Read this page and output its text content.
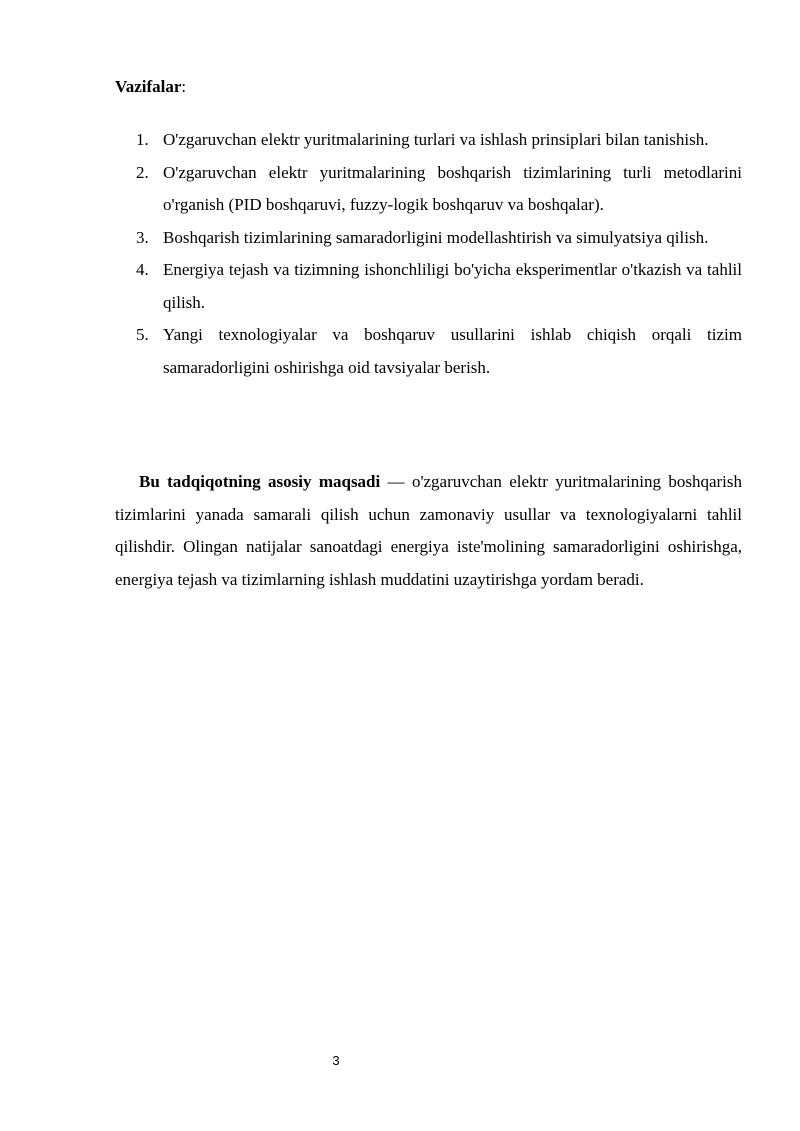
Vazifalar:
1. O'zgaruvchan elektr yuritmalarining turlari va ishlash prinsiplari bilan tanishish.
2. O'zgaruvchan elektr yuritmalarining boshqarish tizimlarining turli metodlarini o'rganish (PID boshqaruvi, fuzzy-logik boshqaruv va boshqalar).
3. Boshqarish tizimlarining samaradorligini modellashtirish va simulyatsiya qilish.
4. Energiya tejash va tizimning ishonchliligi bo'yicha eksperimentlar o'tkazish va tahlil qilish.
5. Yangi texnologiyalar va boshqaruv usullarini ishlab chiqish orqali tizim samaradorligini oshirishga oid tavsiyalar berish.

Bu tadqiqotning asosiy maqsadi — o'zgaruvchan elektr yuritmalarining boshqarish tizimlarini yanada samarali qilish uchun zamonaviy usullar va texnologiyalarni tahlil qilishdir. Olingan natijalar sanoatdagi energiya iste'molining samaradorligini oshirishga, energiya tejash va tizimlarning ishlash muddatini uzaytirishga yordam beradi.

3
